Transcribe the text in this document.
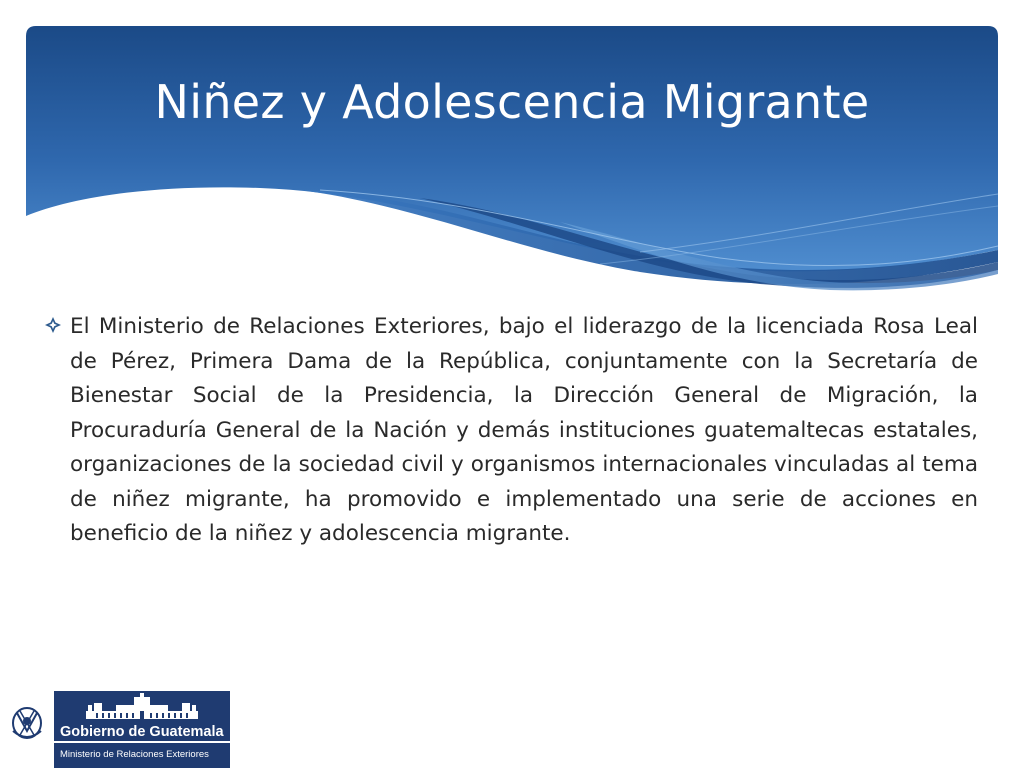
Niñez y Adolescencia Migrante
El Ministerio de Relaciones Exteriores, bajo el liderazgo de la licenciada Rosa Leal de Pérez, Primera Dama de la República, conjuntamente con la Secretaría de Bienestar Social de la Presidencia, la Dirección General de Migración, la Procuraduría General de la Nación y demás instituciones guatemaltecas estatales, organizaciones de la sociedad civil y organismos internacionales vinculadas al tema de niñez migrante, ha promovido e implementado una serie de acciones en beneficio de la niñez y adolescencia migrante.
Gobierno de Guatemala
Ministerio de Relaciones Exteriores
